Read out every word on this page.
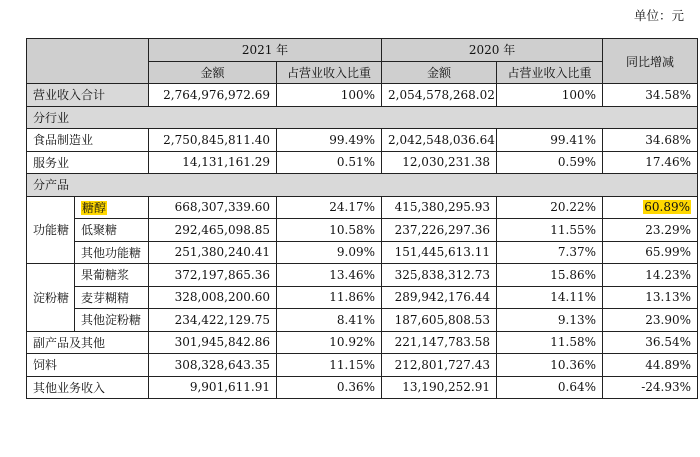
单位：元
		2021 年		2020 年		同比增减
		金额	占营业收入比重	金额	占营业收入比重	
营业收入合计		2,764,976,972.69	100%	2,054,578,268.02	100%	34.58%
分行业						
食品制造业		2,750,845,811.40	99.49%	2,042,548,036.64	99.41%	34.68%
服务业		14,131,161.29	0.51%	12,030,231.38	0.59%	17.46%
分产品						
功能糖	糖醇	668,307,339.60	24.17%	415,380,295.93	20.22%	60.89%
	低聚糖	292,465,098.85	10.58%	237,226,297.36	11.55%	23.29%
	其他功能糖	251,380,240.41	9.09%	151,445,613.11	7.37%	65.99%
淀粉糖	果葡糖浆	372,197,865.36	13.46%	325,838,312.73	15.86%	14.23%
	麦芽糊精	328,008,200.60	11.86%	289,942,176.44	14.11%	13.13%
	其他淀粉糖	234,422,129.75	8.41%	187,605,808.53	9.13%	23.90%
副产品及其他		301,945,842.86	10.92%	221,147,783.58	11.58%	36.54%
饲料		308,328,643.35	11.15%	212,801,727.43	10.36%	44.89%
其他业务收入		9,901,611.91	0.36%	13,190,252.91	0.64%	-24.93%
